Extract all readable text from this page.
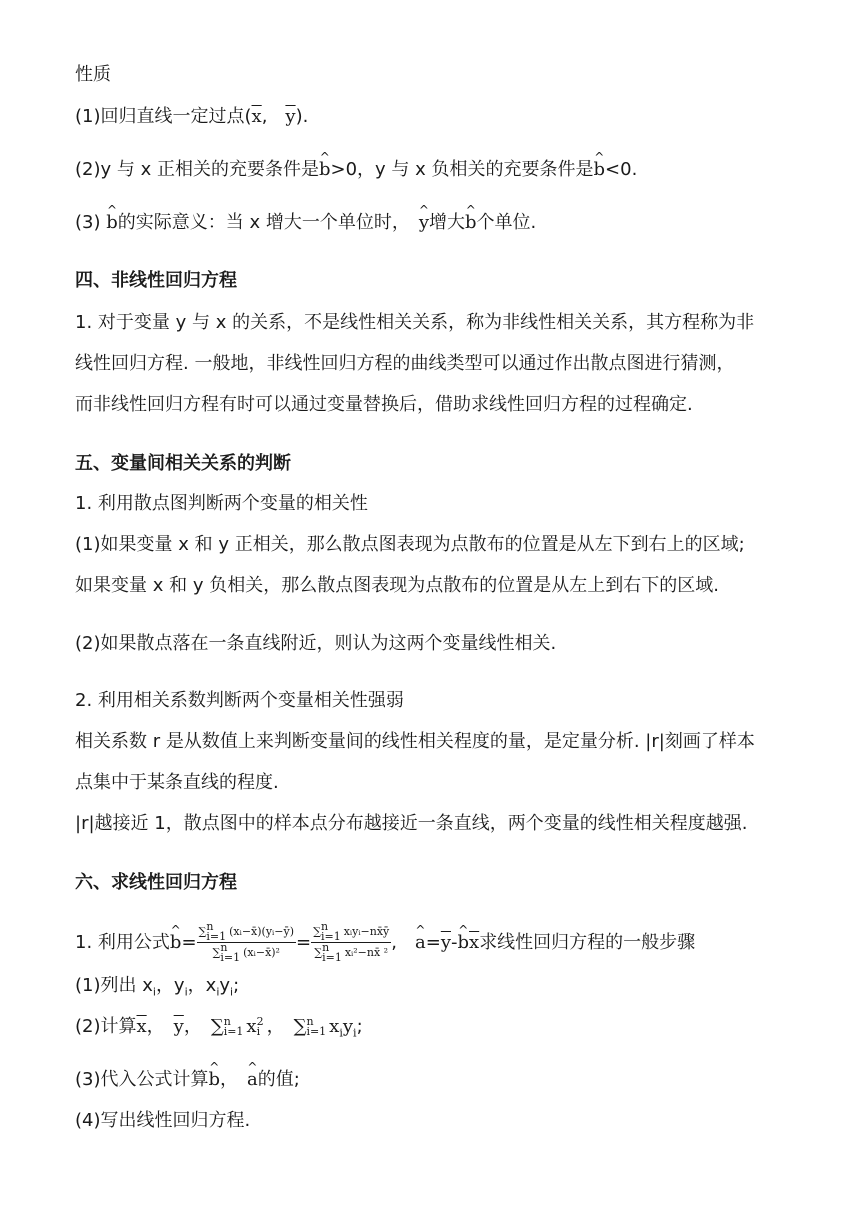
性质
(1)回归直线一定过点($\overline{x}$,　$\overline{y}$).
(2)y 与 x 正相关的充要条件是^ b>0，y 与 x 负相关的充要条件是^ b<0.
(3) ^ b的实际意义：当 x 增大一个单位时，　^ y增大^ b个单位.
四、非线性回归方程
1. 对于变量 y 与 x 的关系，不是线性相关关系，称为非线性相关关系，其方程称为非
线性回归方程. 一般地，非线性回归方程的曲线类型可以通过作出散点图进行猜测，
而非线性回归方程有时可以通过变量替换后，借助求线性回归方程的过程确定.
五、变量间相关关系的判断
1. 利用散点图判断两个变量的相关性
(1)如果变量 x 和 y 正相关，那么散点图表现为点散布的位置是从左下到右上的区域;
如果变量 x 和 y 负相关，那么散点图表现为点散布的位置是从左上到右下的区域.
(2)如果散点落在一条直线附近，则认为这两个变量线性相关.
2. 利用相关系数判断两个变量相关性强弱
相关系数 r 是从数值上来判断变量间的线性相关程度的量，是定量分析. |r|刻画了样本
点集中于某条直线的程度.
|r|越接近 1，散点图中的样本点分布越接近一条直线，两个变量的线性相关程度越强.
六、求线性回归方程
1. 利用公式 ^ b = ∑ n
i=1 (xᵢ−x̄)(yᵢ−ȳ)
∑ n
i=1 (xᵢ−x̄)² = ∑ n
i=1 xᵢyᵢ−nx̄ȳ
∑ n
i=1 xᵢ²−nx̄ ² ,　 ^ $a = \overline{y}$ - ^ b $\overline{x}$ 求线性回归方程的一般步骤
(1)列出 $x_i$，$y_i$，$x_iy_i$;
(2)计算$\overline{x}$，　$\overline{y}$，　∑ n
i=1 x 2
i ，　∑ n
i=1 $x_iy_i$;
(3)代入公式计算^ b，　^ a的值;
(4)写出线性回归方程.
